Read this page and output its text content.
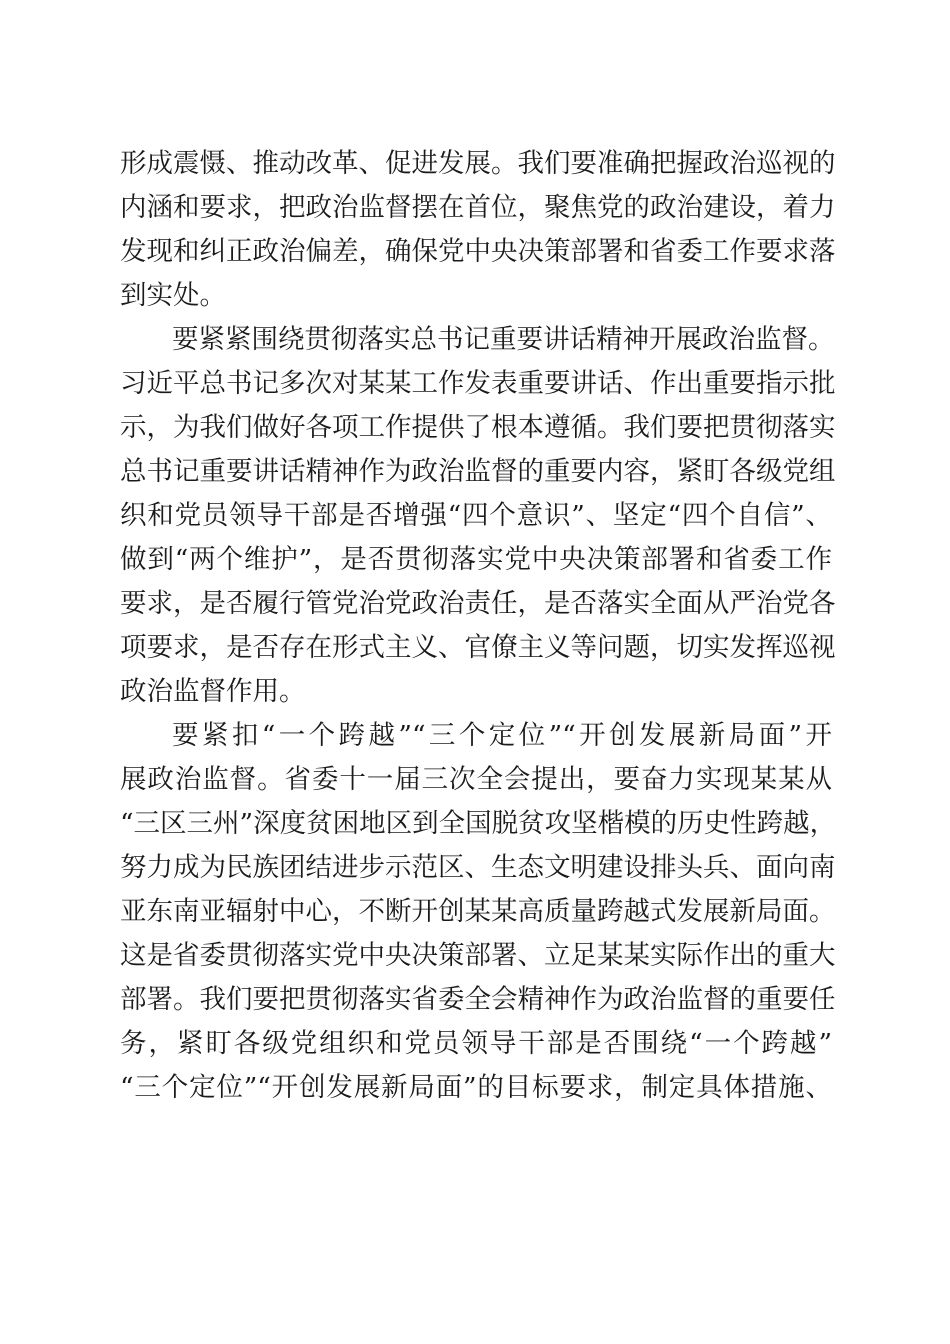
形成震慑、推动改革、促进发展。我们要准确把握政治巡视的
内涵和要求，把政治监督摆在首位，聚焦党的政治建设，着力
发现和纠正政治偏差，确保党中央决策部署和省委工作要求落
到实处。
要紧紧围绕贯彻落实总书记重要讲话精神开展政治监督。
习近平总书记多次对某某工作发表重要讲话、作出重要指示批
示，为我们做好各项工作提供了根本遵循。我们要把贯彻落实
总书记重要讲话精神作为政治监督的重要内容，紧盯各级党组
织和党员领导干部是否增强“四个意识”、坚定“四个自信”、
做到“两个维护”，是否贯彻落实党中央决策部署和省委工作
要求，是否履行管党治党政治责任，是否落实全面从严治党各
项要求，是否存在形式主义、官僚主义等问题，切实发挥巡视
政治监督作用。
要紧扣“一个跨越”“三个定位”“开创发展新局面”开
展政治监督。省委十一届三次全会提出，要奋力实现某某从
“三区三州”深度贫困地区到全国脱贫攻坚楷模的历史性跨越，
努力成为民族团结进步示范区、生态文明建设排头兵、面向南
亚东南亚辐射中心，不断开创某某高质量跨越式发展新局面。
这是省委贯彻落实党中央决策部署、立足某某实际作出的重大
部署。我们要把贯彻落实省委全会精神作为政治监督的重要任
务，紧盯各级党组织和党员领导干部是否围绕“一个跨越”
“三个定位”“开创发展新局面”的目标要求，制定具体措施、
